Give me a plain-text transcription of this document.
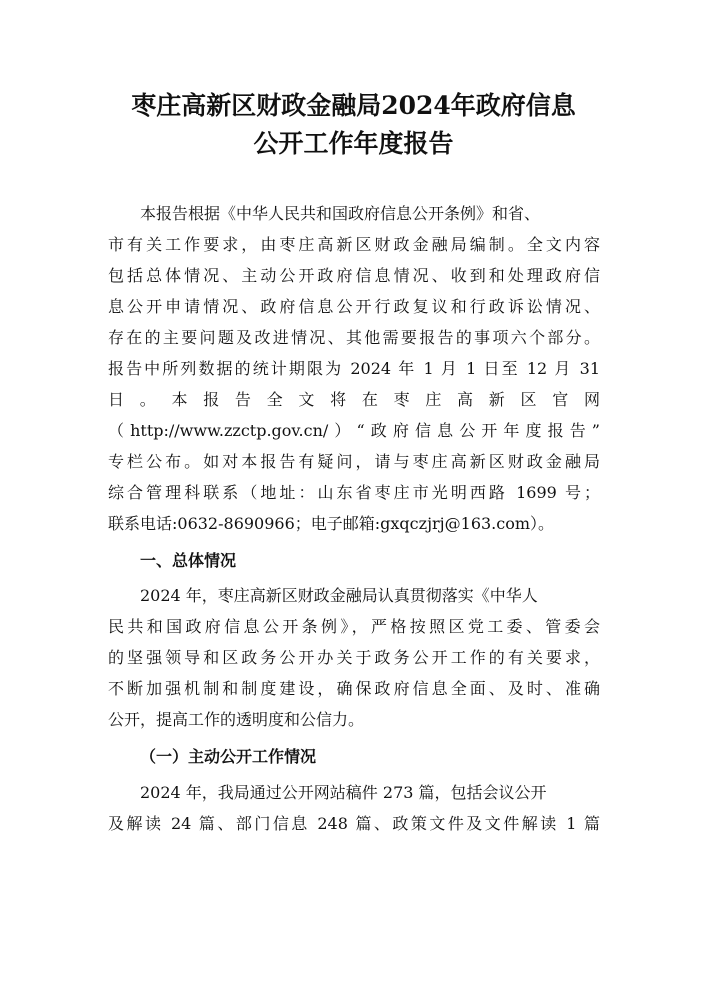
枣庄高新区财政金融局2024年政府信息
公开工作年度报告

本报告根据《中华人民共和国政府信息公开条例》和省、

市有关工作要求，由枣庄高新区财政金融局编制。全文内容

包括总体情况、主动公开政府信息情况、收到和处理政府信

息公开申请情况、政府信息公开行政复议和行政诉讼情况、

存在的主要问题及改进情况、其他需要报告的事项六个部分。

报告中所列数据的统计期限为 2024 年 1 月 1 日至 12 月 31

日 。 本 报 告 全 文 将 在 枣 庄 高 新 区 官 网

（http://www.zzctp.gov.cn/）“政府信息公开年度报告”

专栏公布。如对本报告有疑问，请与枣庄高新区财政金融局

综合管理科联系（地址：山东省枣庄市光明西路 1699 号；

联系电话:0632-8690966；电子邮箱:gxqczjrj@163.com）。

一、总体情况

2024 年，枣庄高新区财政金融局认真贯彻落实《中华人

民共和国政府信息公开条例》，严格按照区党工委、管委会

的坚强领导和区政务公开办关于政务公开工作的有关要求，

不断加强机制和制度建设，确保政府信息全面、及时、准确

公开，提高工作的透明度和公信力。

（一）主动公开工作情况

2024 年，我局通过公开网站稿件 273 篇，包括会议公开

及解读 24 篇、部门信息 248 篇、政策文件及文件解读 1 篇
